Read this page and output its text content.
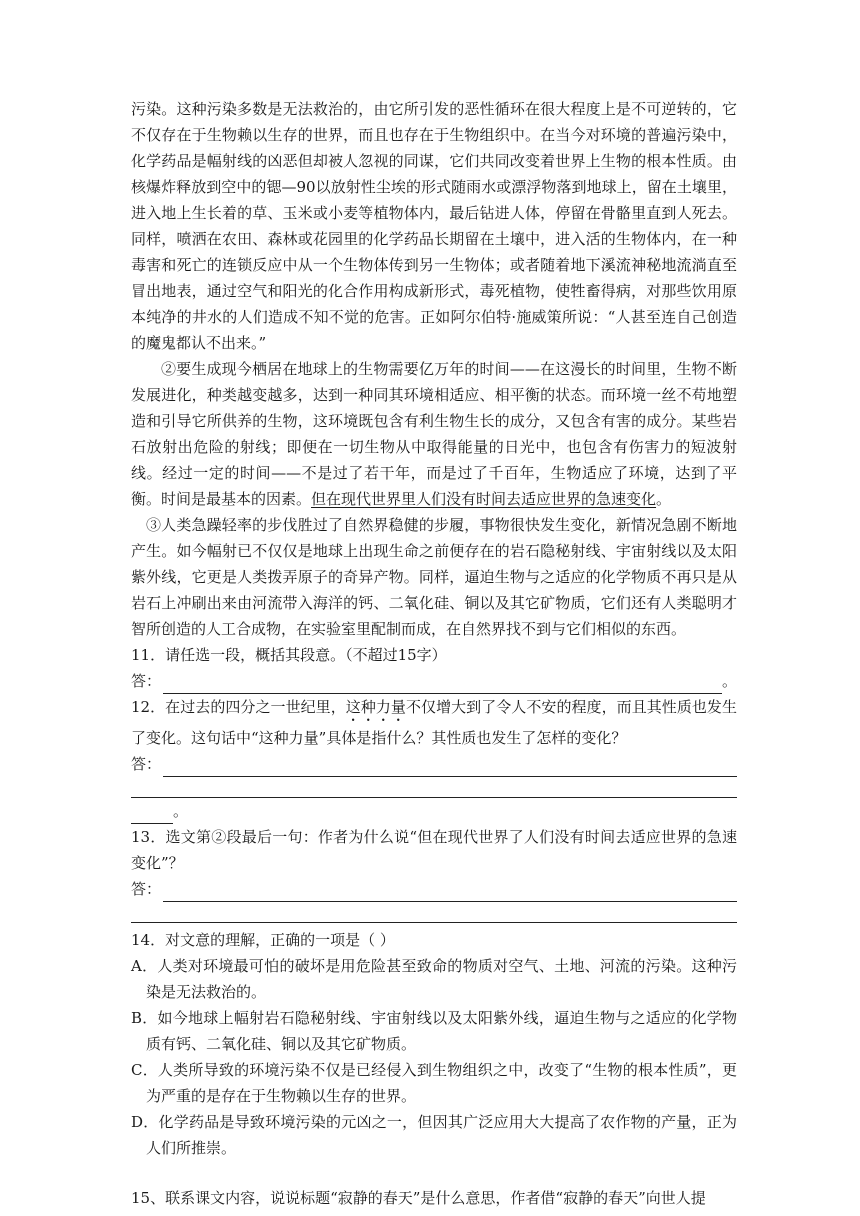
污染。这种污染多数是无法救治的，由它所引发的恶性循环在很大程度上是不可逆转的，它不仅存在于生物赖以生存的世界，而且也存在于生物组织中。在当今对环境的普遍污染中，化学药品是幅射线的凶恶但却被人忽视的同谋，它们共同改变着世界上生物的根本性质。由核爆炸释放到空中的锶—90以放射性尘埃的形式随雨水或漂浮物落到地球上，留在土壤里，进入地上生长着的草、玉米或小麦等植物体内，最后钻进人体，停留在骨骼里直到人死去。同样，喷洒在农田、森林或花园里的化学药品长期留在土壤中，进入活的生物体内，在一种毒害和死亡的连锁反应中从一个生物体传到另一生物体；或者随着地下溪流神秘地流淌直至冒出地表，通过空气和阳光的化合作用构成新形式，毒死植物，使牲畜得病，对那些饮用原本纯净的井水的人们造成不知不觉的危害。正如阿尔伯特·施威策所说：“人甚至连自己创造的魔鬼都认不出来。”

②要生成现今栖居在地球上的生物需要亿万年的时间——在这漫长的时间里，生物不断发展进化，种类越变越多，达到一种同其环境相适应、相平衡的状态。而环境一丝不苟地塑造和引导它所供养的生物，这环境既包含有利生物生长的成分，又包含有害的成分。某些岩石放射出危险的射线；即便在一切生物从中取得能量的日光中，也包含有伤害力的短波射线。经过一定的时间——不是过了若干年，而是过了千百年，生物适应了环境，达到了平衡。时间是最基本的因素。但在现代世界里人们没有时间去适应世界的急速变化。

③人类急躁轻率的步伐胜过了自然界稳健的步履，事物很快发生变化，新情况急剧不断地产生。如今幅射已不仅仅是地球上出现生命之前便存在的岩石隐秘射线、宇宙射线以及太阳紫外线，它更是人类拨弄原子的奇异产物。同样，逼迫生物与之适应的化学物质不再只是从岩石上冲刷出来由河流带入海洋的钙、二氧化硅、铜以及其它矿物质，它们还有人类聪明才智所创造的人工合成物，在实验室里配制而成，在自然界找不到与它们相似的东西。

11．请任选一段，概括其段意。（不超过15字）

答：	。

12．在过去的四分之一世纪里，这种力量不仅增大到了令人不安的程度，而且其性质也发生了变化。这句话中“这种力量”具体是指什么？其性质也发生了怎样的变化？

答：
。

13．选文第②段最后一句：作者为什么说“但在现代世界了人们没有时间去适应世界的急速变化”？

答：

14．对文意的理解，正确的一项是（ ）

A．人类对环境最可怕的破坏是用危险甚至致命的物质对空气、土地、河流的污染。这种污染是无法救治的。

B．如今地球上幅射岩石隐秘射线、宇宙射线以及太阳紫外线，逼迫生物与之适应的化学物质有钙、二氧化硅、铜以及其它矿物质。

C．人类所导致的环境污染不仅是已经侵入到生物组织之中，改变了“生物的根本性质”，更为严重的是存在于生物赖以生存的世界。

D．化学药品是导致环境污染的元凶之一，但因其广泛应用大大提高了农作物的产量，正为人们所推崇。

15、联系课文内容，说说标题“寂静的春天”是什么意思，作者借“寂静的春天”向世人提
